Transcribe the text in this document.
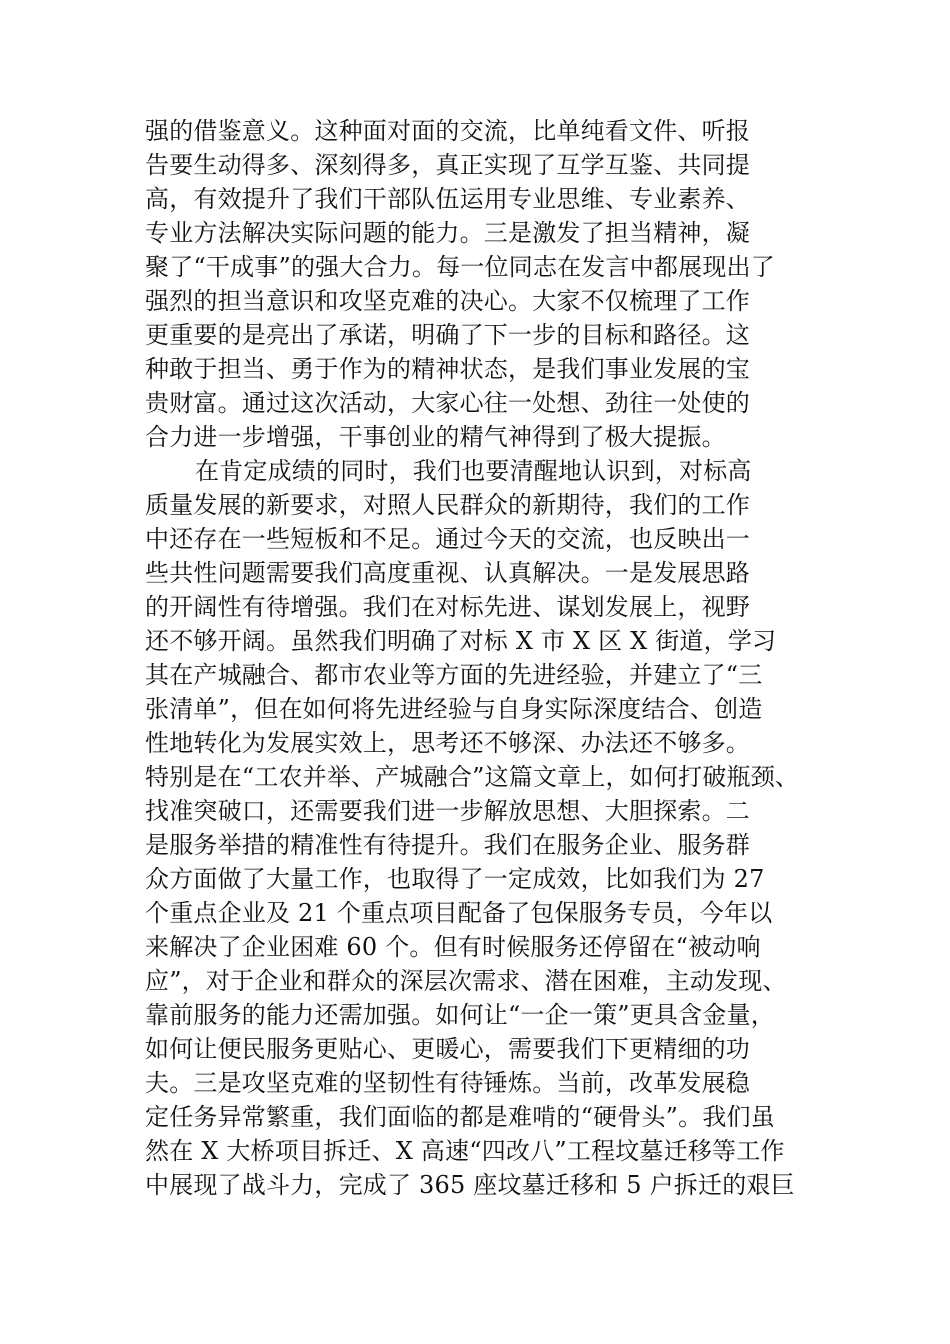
强的借鉴意义。这种面对面的交流，比单纯看文件、听报
告要生动得多、深刻得多，真正实现了互学互鉴、共同提
高，有效提升了我们干部队伍运用专业思维、专业素养、
专业方法解决实际问题的能力。三是激发了担当精神，凝
聚了“干成事”的强大合力。每一位同志在发言中都展现出了
强烈的担当意识和攻坚克难的决心。大家不仅梳理了工作
更重要的是亮出了承诺，明确了下一步的目标和路径。这
种敢于担当、勇于作为的精神状态，是我们事业发展的宝
贵财富。通过这次活动，大家心往一处想、劲往一处使的
合力进一步增强，干事创业的精气神得到了极大提振。
在肯定成绩的同时，我们也要清醒地认识到，对标高
质量发展的新要求，对照人民群众的新期待，我们的工作
中还存在一些短板和不足。通过今天的交流，也反映出一
些共性问题需要我们高度重视、认真解决。一是发展思路
的开阔性有待增强。我们在对标先进、谋划发展上，视野
还不够开阔。虽然我们明确了对标 X 市 X 区 X 街道，学习
其在产城融合、都市农业等方面的先进经验，并建立了“三
张清单”，但在如何将先进经验与自身实际深度结合、创造
性地转化为发展实效上，思考还不够深、办法还不够多。
特别是在“工农并举、产城融合”这篇文章上，如何打破瓶颈、
找准突破口，还需要我们进一步解放思想、大胆探索。二
是服务举措的精准性有待提升。我们在服务企业、服务群
众方面做了大量工作，也取得了一定成效，比如我们为 27
个重点企业及 21 个重点项目配备了包保服务专员，今年以
来解决了企业困难 60 个。但有时候服务还停留在“被动响
应”，对于企业和群众的深层次需求、潜在困难，主动发现、
靠前服务的能力还需加强。如何让“一企一策”更具含金量，
如何让便民服务更贴心、更暖心，需要我们下更精细的功
夫。三是攻坚克难的坚韧性有待锤炼。当前，改革发展稳
定任务异常繁重，我们面临的都是难啃的“硬骨头”。我们虽
然在 X 大桥项目拆迁、X 高速“四改八”工程坟墓迁移等工作
中展现了战斗力，完成了 365 座坟墓迁移和 5 户拆迁的艰巨
